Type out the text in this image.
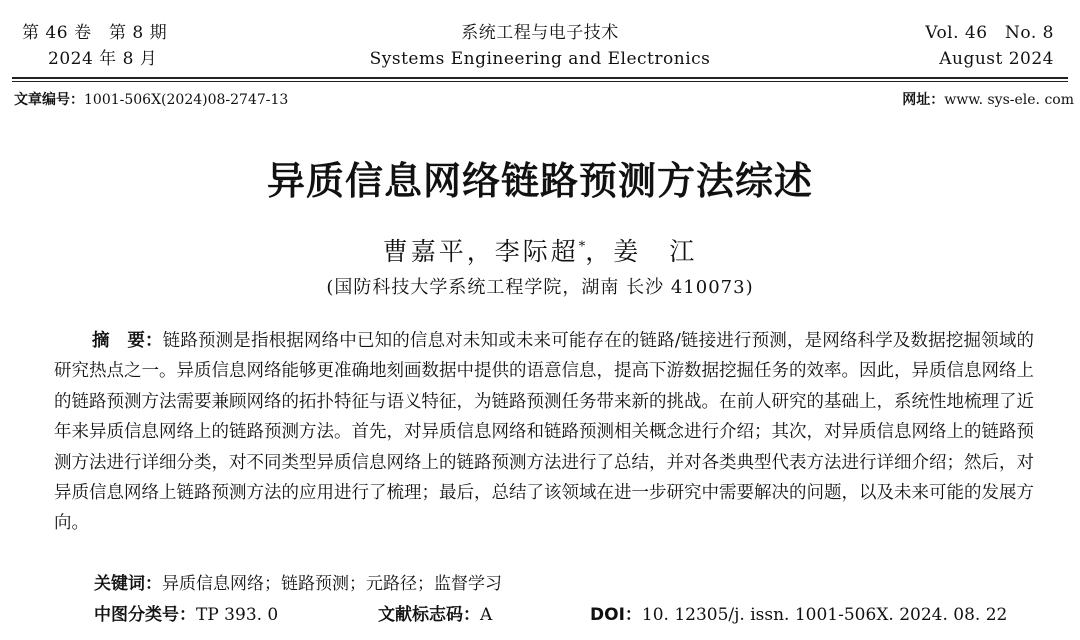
第 46 卷　第 8 期
2024 年 8 月
系统工程与电子技术
Systems Engineering and Electronics
Vol. 46　No. 8
August 2024
文章编号：1001-506X(2024)08-2747-13	网址：www. sys-ele. com
异质信息网络链路预测方法综述
曹嘉平，李际超*，姜　江
(国防科技大学系统工程学院，湖南 长沙 410073)

摘　要：链路预测是指根据网络中已知的信息对未知或未来可能存在的链路/链接进行预测，是网络科学及数据挖掘领域的研究热点之一。异质信息网络能够更准确地刻画数据中提供的语意信息，提高下游数据挖掘任务的效率。因此，异质信息网络上的链路预测方法需要兼顾网络的拓扑特征与语义特征，为链路预测任务带来新的挑战。在前人研究的基础上，系统性地梳理了近年来异质信息网络上的链路预测方法。首先，对异质信息网络和链路预测相关概念进行介绍；其次，对异质信息网络上的链路预测方法进行详细分类，对不同类型异质信息网络上的链路预测方法进行了总结，并对各类典型代表方法进行详细介绍；然后，对异质信息网络上链路预测方法的应用进行了梳理；最后，总结了该领域在进一步研究中需要解决的问题，以及未来可能的发展方向。

关键词：异质信息网络；链路预测；元路径；监督学习
中图分类号：TP 393. 0	文献标志码：A	DOI：10. 12305/j. issn. 1001-506X. 2024. 08. 22
